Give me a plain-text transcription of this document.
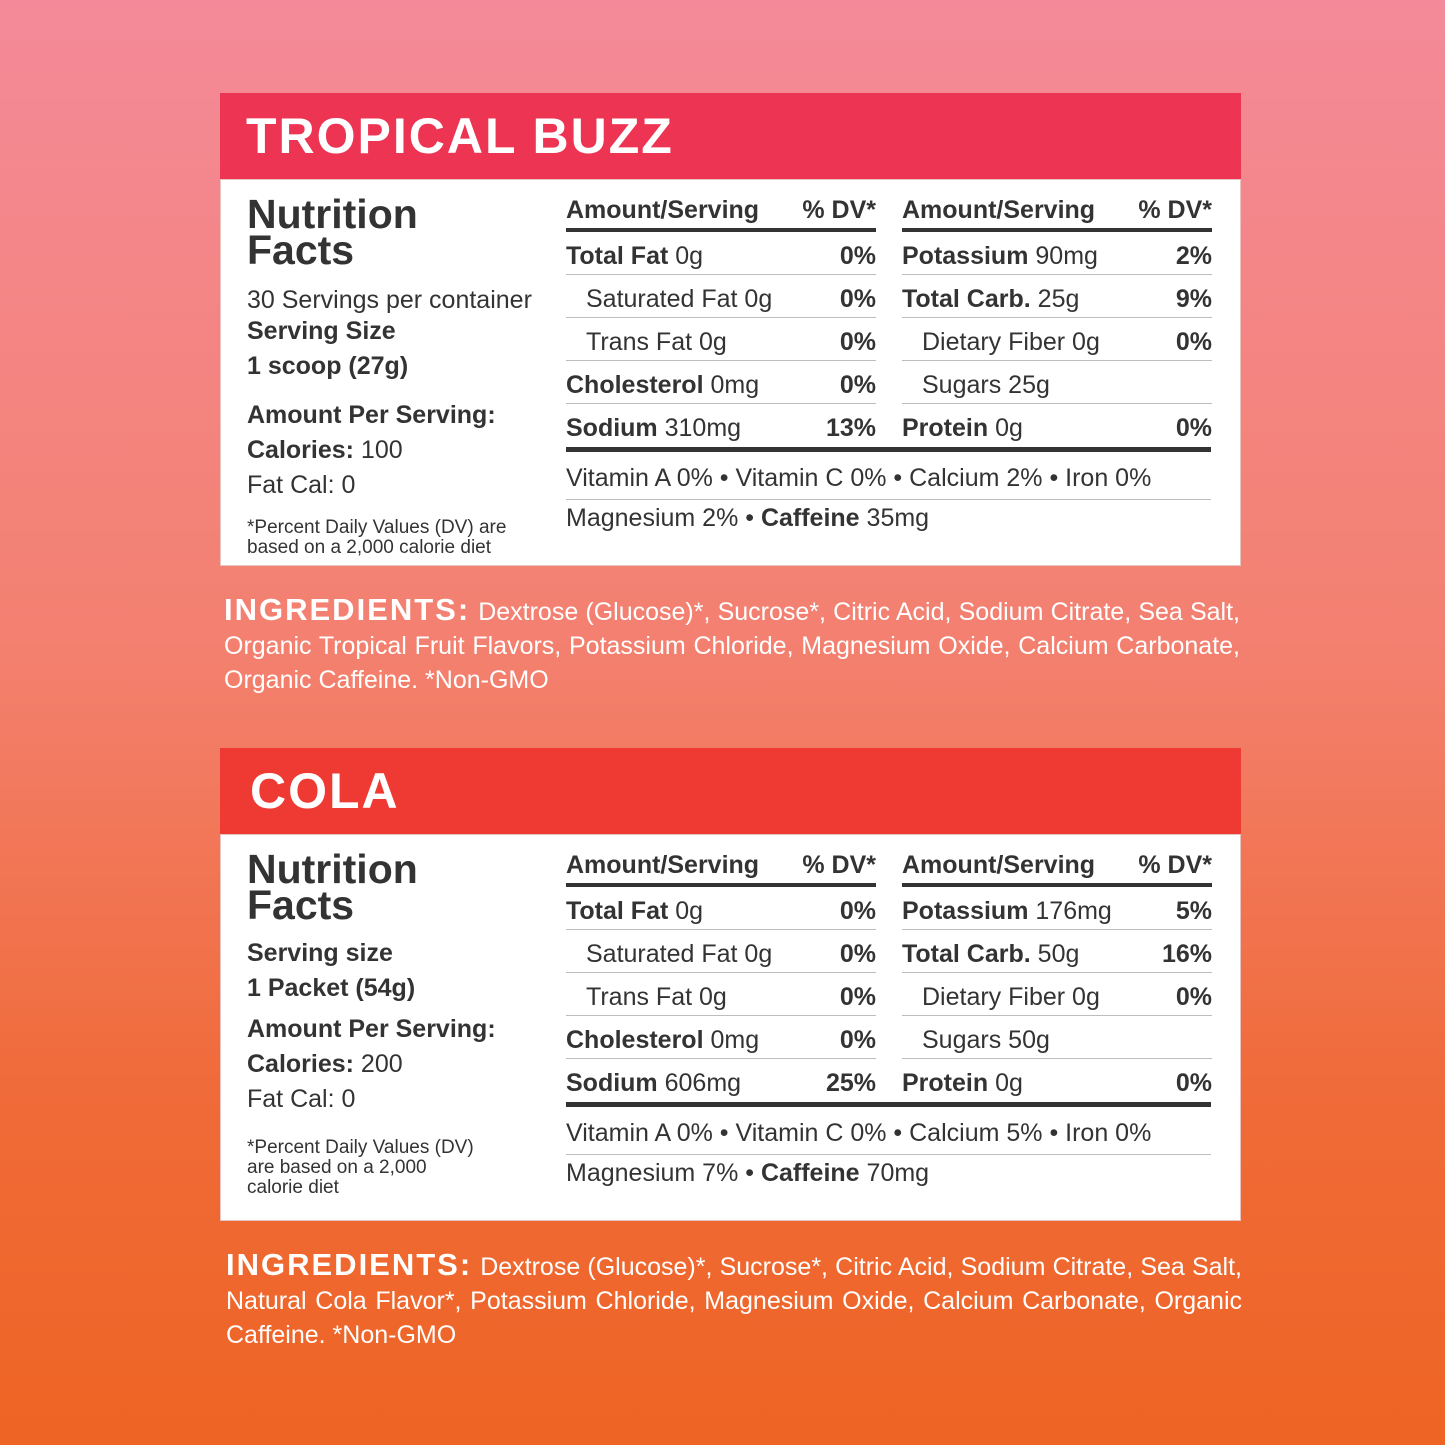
TROPICAL BUZZ
Nutrition
Facts
30 Servings per container
Serving Size
1 scoop (27g)
Amount Per Serving:
Calories: 100
Fat Cal: 0
*Percent Daily Values (DV) are
based on a 2,000 calorie diet
Amount/Serving % DV*
Total Fat 0g	0%
Saturated Fat 0g	0%
Trans Fat 0g	0%
Cholesterol 0mg	0%
Sodium 310mg	13%
Amount/Serving % DV*
Potassium 90mg	2%
Total Carb. 25g	9%
Dietary Fiber 0g	0%
Sugars 25g
Protein 0g	0%
Vitamin A 0% • Vitamin C 0% • Calcium 2% • Iron 0%
Magnesium 2% • Caffeine 35mg
INGREDIENTS: Dextrose (Glucose)*, Sucrose*, Citric Acid, Sodium Citrate, Sea Salt, Organic Tropical Fruit Flavors, Potassium Chloride, Magnesium Oxide, Calcium Carbonate, Organic Caffeine. *Non-GMO
COLA
Nutrition
Facts
Serving size
1 Packet (54g)
Amount Per Serving:
Calories: 200
Fat Cal: 0
*Percent Daily Values (DV)
are based on a 2,000
calorie diet
Amount/Serving % DV*
Total Fat 0g	0%
Saturated Fat 0g	0%
Trans Fat 0g	0%
Cholesterol 0mg	0%
Sodium 606mg	25%
Amount/Serving % DV*
Potassium 176mg	5%
Total Carb. 50g	16%
Dietary Fiber 0g	0%
Sugars 50g
Protein 0g	0%
Vitamin A 0% • Vitamin C 0% • Calcium 5% • Iron 0%
Magnesium 7% • Caffeine 70mg
INGREDIENTS: Dextrose (Glucose)*, Sucrose*, Citric Acid, Sodium Citrate, Sea Salt, Natural Cola Flavor*, Potassium Chloride, Magnesium Oxide, Calcium Carbonate, Organic Caffeine. *Non-GMO
